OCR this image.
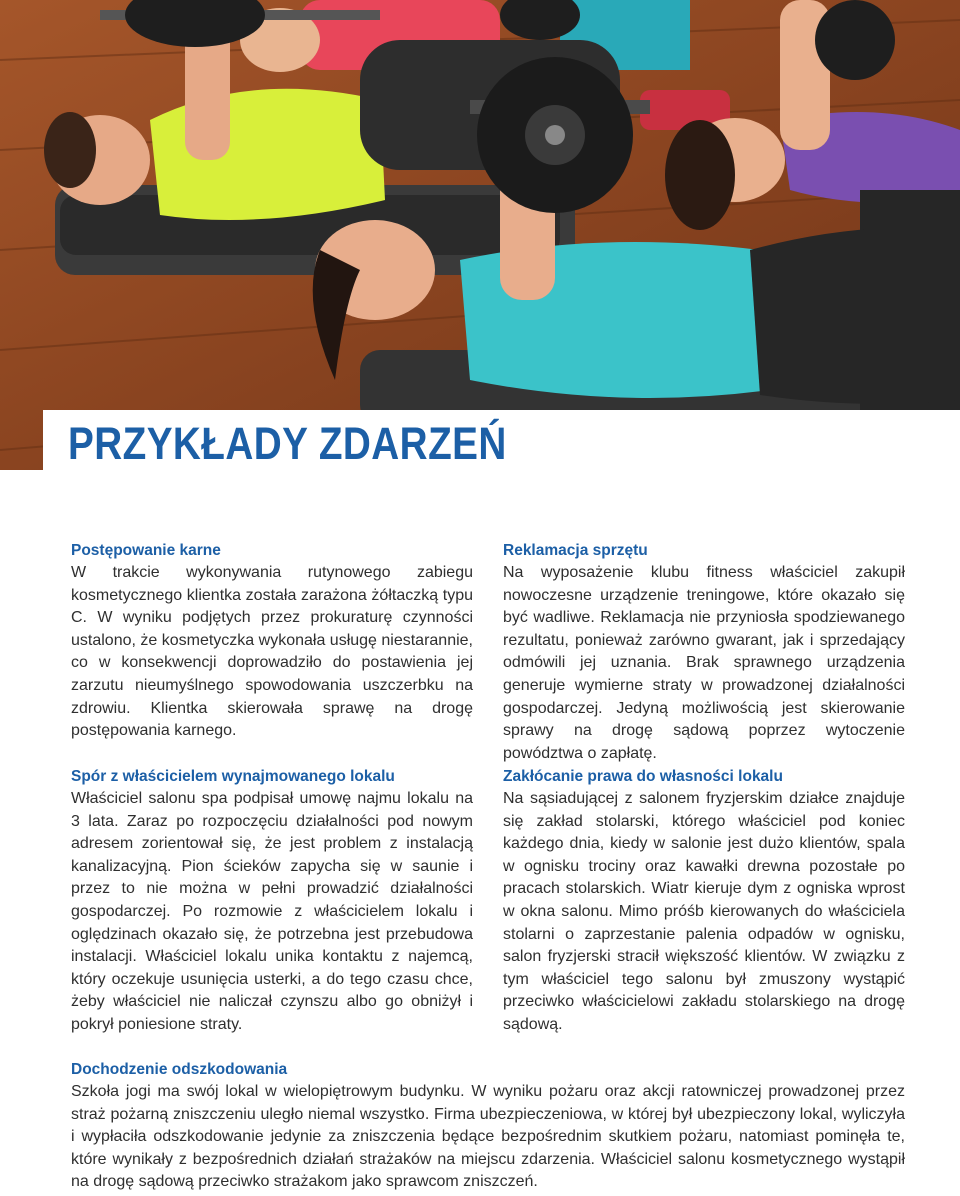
PRZYKŁADY ZDARZEŃ
Postępowanie karne

W trakcie wykonywania rutynowego zabiegu kosmetycznego klientka została zarażona żółtaczką typu C. W wyniku podjętych przez prokuraturę czynności ustalono, że kosmetyczka wykonała usługę niestarannie, co w konsekwencji doprowadziło do postawienia jej zarzutu nieumyślnego spowodowania uszczerbku na zdrowiu. Klientka skierowała sprawę na drogę postępowania karnego.

Spór z właścicielem wynajmowanego lokalu

Właściciel salonu spa podpisał umowę najmu lokalu na 3 lata. Zaraz po rozpoczęciu działalności pod nowym adresem zorientował się, że jest problem z instalacją kanalizacyjną. Pion ścieków zapycha się w saunie i przez to nie można w pełni prowadzić działalności gospodarczej. Po rozmowie z właścicielem lokalu i oględzinach okazało się, że potrzebna jest przebudowa instalacji. Właściciel lokalu unika kontaktu z najemcą, który oczekuje usunięcia usterki, a do tego czasu chce, żeby właściciel nie naliczał czynszu albo go obniżył i pokrył poniesione straty.

Reklamacja sprzętu

Na wyposażenie klubu fitness właściciel zakupił nowoczesne urządzenie treningowe, które okazało się być wadliwe. Reklamacja nie przyniosła spodziewanego rezultatu, ponieważ zarówno gwarant, jak i sprzedający odmówili jej uznania. Brak sprawnego urządzenia generuje wymierne straty w prowadzonej działalności gospodarczej. Jedyną możliwością jest skierowanie sprawy na drogę sądową poprzez wytoczenie powództwa o zapłatę.

Zakłócanie prawa do własności lokalu

Na sąsiadującej z salonem fryzjerskim działce znajduje się zakład stolarski, którego właściciel pod koniec każdego dnia, kiedy w salonie jest dużo klientów, spala w ognisku trociny oraz kawałki drewna pozostałe po pracach stolarskich. Wiatr kieruje dym z ogniska wprost w okna salonu. Mimo próśb kierowanych do właściciela stolarni o zaprzestanie palenia odpadów w ognisku, salon fryzjerski stracił większość klientów. W związku z tym właściciel tego salonu był zmuszony wystąpić przeciwko właścicielowi zakładu stolarskiego na drogę sądową.

Dochodzenie odszkodowania

Szkoła jogi ma swój lokal w wielopiętrowym budynku. W wyniku pożaru oraz akcji ratowniczej prowadzonej przez straż pożarną zniszczeniu uległo niemal wszystko. Firma ubezpieczeniowa, w której był ubezpieczony lokal, wyliczyła i wypłaciła odszkodowanie jedynie za zniszczenia będące bezpośrednim skutkiem pożaru, natomiast pominęła te, które wynikały z bezpośrednich działań strażaków na miejscu zdarzenia. Właściciel salonu kosmetycznego wystąpił na drogę sądową przeciwko strażakom jako sprawcom zniszczeń.
